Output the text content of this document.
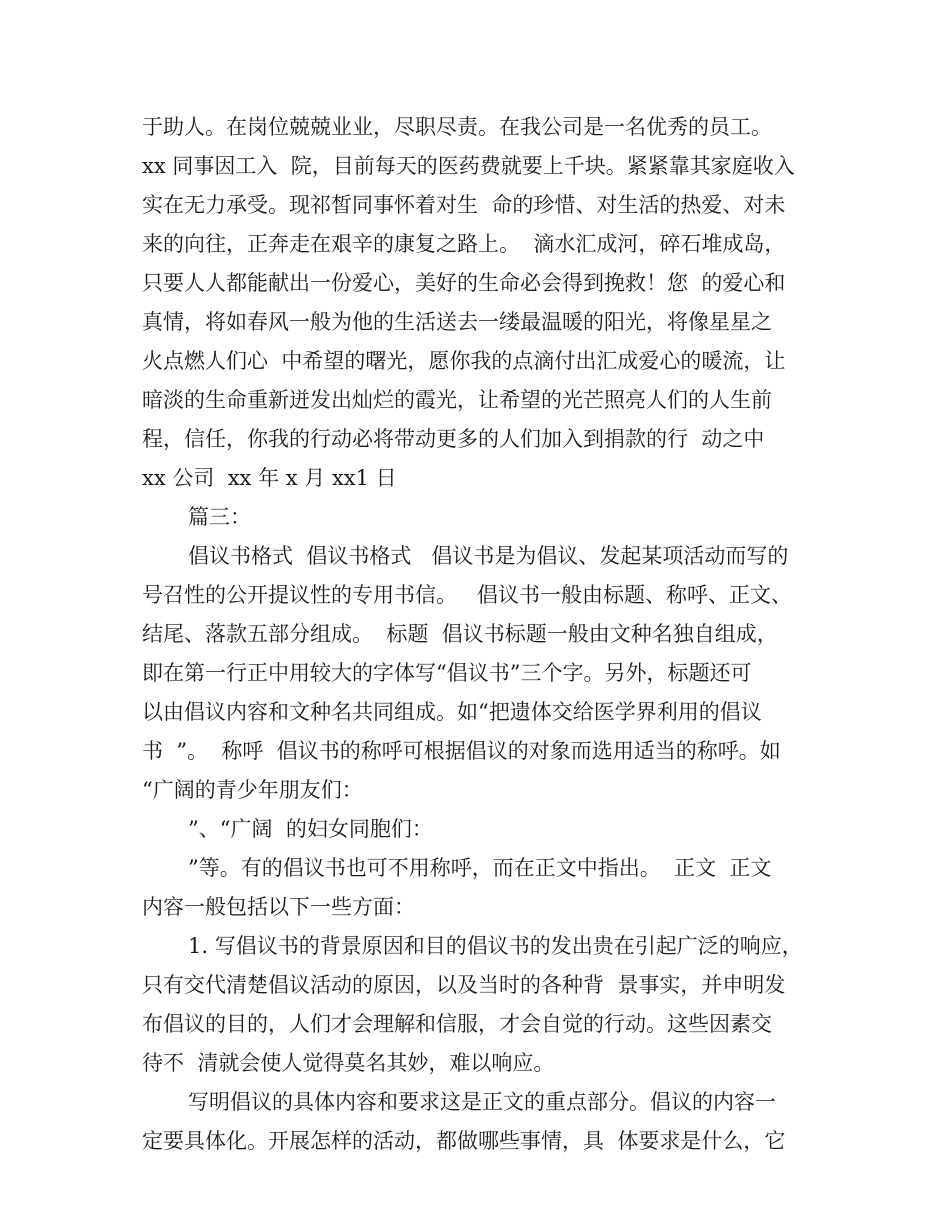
于助人。在岗位兢兢业业，尽职尽责。在我公司是一名优秀的员工。
xx 同事因工入  院，目前每天的医药费就要上千块。紧紧靠其家庭收入
实在无力承受。现祁皙同事怀着对生  命的珍惜、对生活的热爱、对未
来的向往，正奔走在艰辛的康复之路上。  滴水汇成河，碎石堆成岛，
只要人人都能献出一份爱心，美好的生命必会得到挽救！您  的爱心和
真情，将如春风一般为他的生活送去一缕最温暖的阳光，将像星星之
火点燃人们心  中希望的曙光，愿你我的点滴付出汇成爱心的暖流，让
暗淡的生命重新迸发出灿烂的霞光，让希望的光芒照亮人们的人生前
程，信任，你我的行动必将带动更多的人们加入到捐款的行  动之中
xx 公司  xx 年 x 月 xx1 日
篇三：
倡议书格式  倡议书格式   倡议书是为倡议、发起某项活动而写的
号召性的公开提议性的专用书信。   倡议书一般由标题、称呼、正文、
结尾、落款五部分组成。  标题  倡议书标题一般由文种名独自组成，
即在第一行正中用较大的字体写“倡议书”三个字。另外，标题还可
以由倡议内容和文种名共同组成。如“把遗体交给医学界利用的倡议
书  ”。  称呼  倡议书的称呼可根据倡议的对象而选用适当的称呼。如
“广阔的青少年朋友们：
”、“广阔  的妇女同胞们：
”等。有的倡议书也可不用称呼，而在正文中指出。  正文  正文
内容一般包括以下一些方面：
1. 写倡议书的背景原因和目的倡议书的发出贵在引起广泛的响应，
只有交代清楚倡议活动的原因，以及当时的各种背  景事实，并申明发
布倡议的目的，人们才会理解和信服，才会自觉的行动。这些因素交
待不  清就会使人觉得莫名其妙，难以响应。
写明倡议的具体内容和要求这是正文的重点部分。倡议的内容一
定要具体化。开展怎样的活动，都做哪些事情，具  体要求是什么，它
